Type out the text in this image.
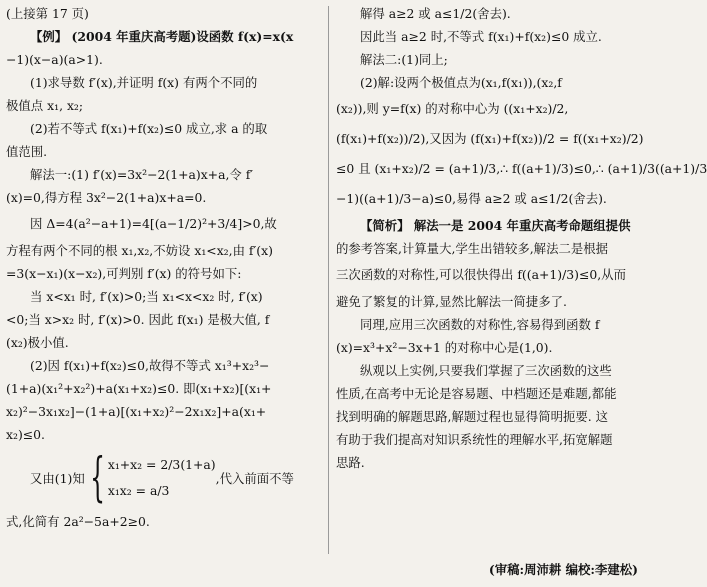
(上接第 17 页)
【例】 (2004 年重庆高考题)设函数 f(x)=x(x
−1)(x−a)(a>1).
(1)求导数 f′(x),并证明 f(x) 有两个不同的
极值点 x₁, x₂;
(2)若不等式 f(x₁)+f(x₂)≤0 成立,求 a 的取
值范围.
解法一:(1) f′(x)=3x²−2(1+a)x+a,令 f′
(x)=0,得方程 3x²−2(1+a)x+a=0.
因 Δ=4(a²−a+1)=4[(a−1/2)²+3/4]>0,故
方程有两个不同的根 x₁,x₂,不妨设 x₁<x₂,由 f′(x)
=3(x−x₁)(x−x₂),可判别 f′(x) 的符号如下:
当 x<x₁ 时, f′(x)>0;当 x₁<x<x₂ 时, f′(x)
<0;当 x>x₂ 时, f′(x)>0. 因此 f(x₁) 是极大值, f
(x₂)极小值.
(2)因 f(x₁)+f(x₂)≤0,故得不等式 x₁³+x₂³−
(1+a)(x₁²+x₂²)+a(x₁+x₂)≤0. 即(x₁+x₂)[(x₁+
x₂)²−3x₁x₂]−(1+a)[(x₁+x₂)²−2x₁x₂]+a(x₁+
x₂)≤0.
又由(1)知 { x₁+x₂ = 2/3(1+a)
x₁x₂ = a/3
,代入前面不等
式,化简有 2a²−5a+2≥0.
解得 a≥2 或 a≤1/2(舍去).
因此当 a≥2 时,不等式 f(x₁)+f(x₂)≤0 成立.
解法二:(1)同上;
(2)解:设两个极值点为(x₁,f(x₁)),(x₂,f
(x₂)),则 y=f(x) 的对称中心为 ((x₁+x₂)/2,
(f(x₁)+f(x₂))/2),又因为 (f(x₁)+f(x₂))/2 = f((x₁+x₂)/2)
≤0 且 (x₁+x₂)/2 = (a+1)/3,∴ f((a+1)/3)≤0,∴ (a+1)/3((a+1)/3
−1)((a+1)/3−a)≤0,易得 a≥2 或 a≤1/2(舍去).
【简析】 解法一是 2004 年重庆高考命题组提供
的参考答案,计算量大,学生出错较多,解法二是根据
三次函数的对称性,可以很快得出 f((a+1)/3)≤0,从而
避免了繁复的计算,显然比解法一简捷多了.
同理,应用三次函数的对称性,容易得到函数 f
(x)=x³+x²−3x+1 的对称中心是(1,0).
纵观以上实例,只要我们掌握了三次函数的这些
性质,在高考中无论是容易题、中档题还是难题,都能
找到明确的解题思路,解题过程也显得简明扼要. 这
有助于我们提高对知识系统性的理解水平,拓宽解题
思路.
(审稿:周沛耕 编校:李建松)
